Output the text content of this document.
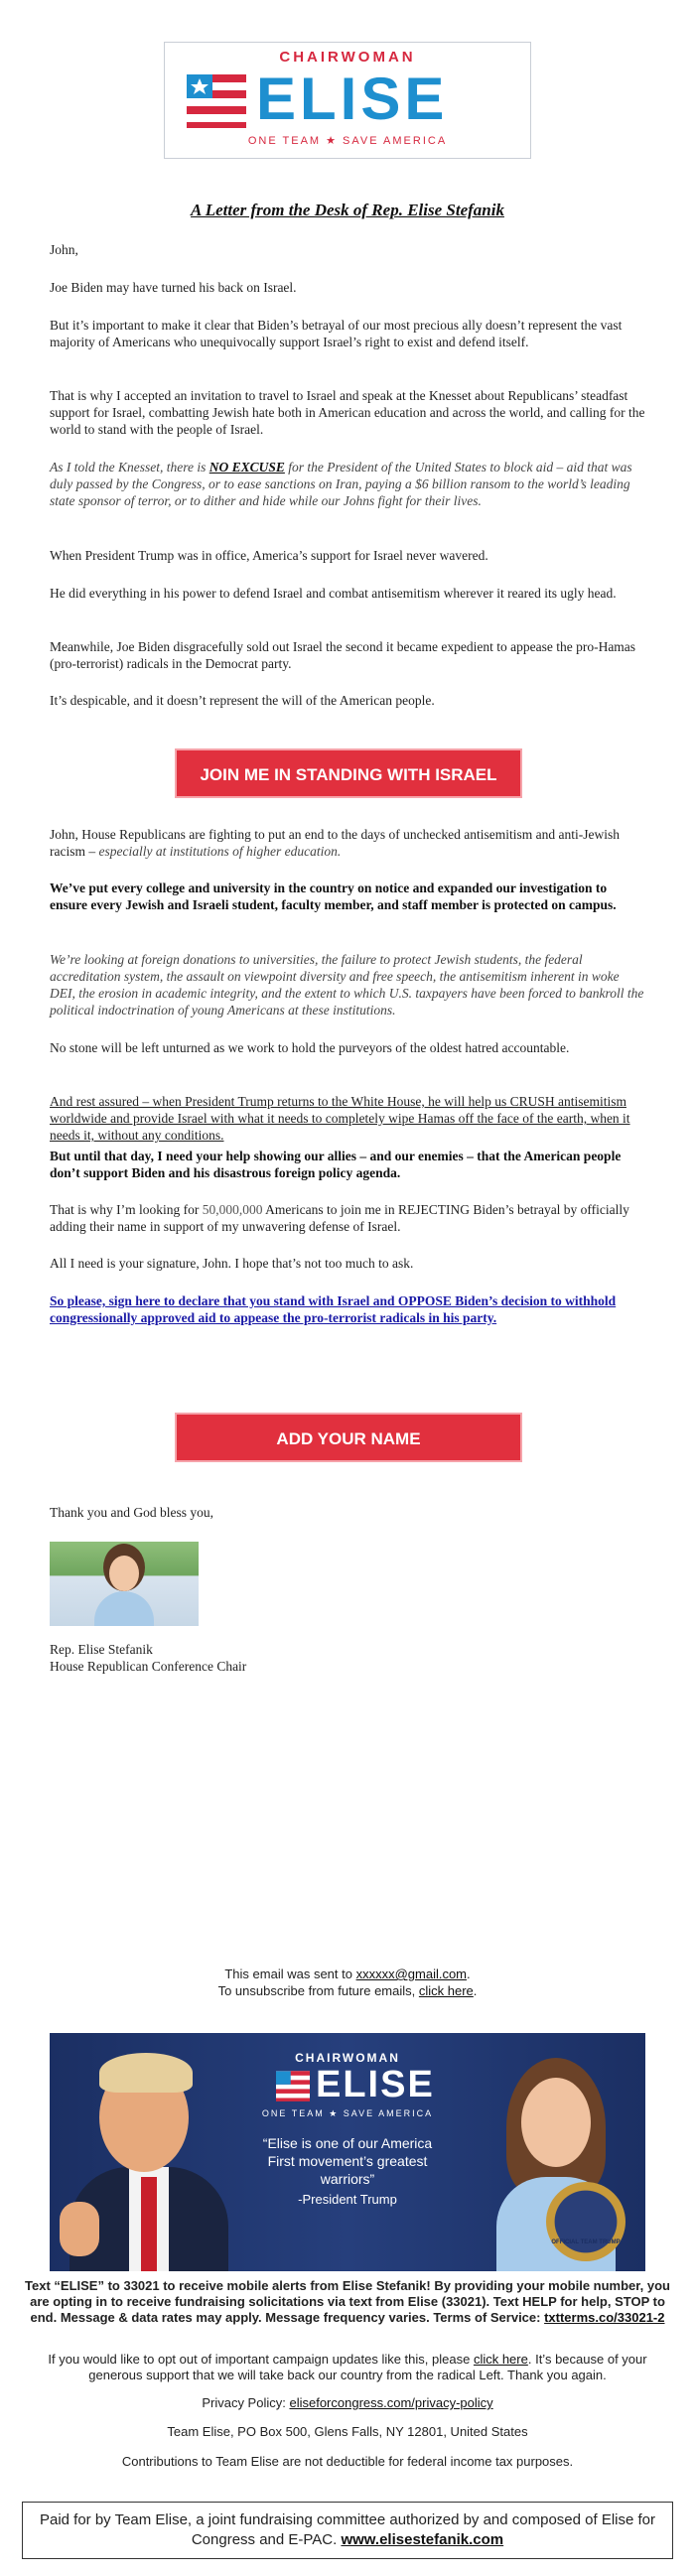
CHAIRWOMAN
ELISE
ONE TEAM ★ SAVE AMERICA
A Letter from the Desk of Rep. Elise Stefanik

John,

Joe Biden may have turned his back on Israel.

But it’s important to make it clear that Biden’s betrayal of our most precious ally doesn’t represent the vast majority of Americans who unequivocally support Israel’s right to exist and defend itself.

That is why I accepted an invitation to travel to Israel and speak at the Knesset about Republicans’ steadfast support for Israel, combatting Jewish hate both in American education and across the world, and calling for the world to stand with the people of Israel.

As I told the Knesset, there is NO EXCUSE for the President of the United States to block aid – aid that was duly passed by the Congress, or to ease sanctions on Iran, paying a $6 billion ransom to the world’s leading state sponsor of terror, or to dither and hide while our Johns fight for their lives.

When President Trump was in office, America’s support for Israel never wavered.

He did everything in his power to defend Israel and combat antisemitism wherever it reared its ugly head.

Meanwhile, Joe Biden disgracefully sold out Israel the second it became expedient to appease the pro-Hamas (pro-terrorist) radicals in the Democrat party.

It’s despicable, and it doesn’t represent the will of the American people.

JOIN ME IN STANDING WITH ISRAEL

John, House Republicans are fighting to put an end to the days of unchecked antisemitism and anti-Jewish racism – especially at institutions of higher education.

We’ve put every college and university in the country on notice and expanded our investigation to ensure every Jewish and Israeli student, faculty member, and staff member is protected on campus.

We’re looking at foreign donations to universities, the failure to protect Jewish students, the federal accreditation system, the assault on viewpoint diversity and free speech, the antisemitism inherent in woke DEI, the erosion in academic integrity, and the extent to which U.S. taxpayers have been forced to bankroll the political indoctrination of young Americans at these institutions.

No stone will be left unturned as we work to hold the purveyors of the oldest hatred accountable.

And rest assured – when President Trump returns to the White House, he will help us CRUSH antisemitism worldwide and provide Israel with what it needs to completely wipe Hamas off the face of the earth, when it needs it, without any conditions.

But until that day, I need your help showing our allies – and our enemies – that the American people don’t support Biden and his disastrous foreign policy agenda.

That is why I’m looking for 50,000,000 Americans to join me in REJECTING Biden’s betrayal by officially adding their name in support of my unwavering defense of Israel.

All I need is your signature, John. I hope that’s not too much to ask.

So please, sign here to declare that you stand with Israel and OPPOSE Biden’s decision to withhold congressionally approved aid to appease the pro-terrorist radicals in his party.

ADD YOUR NAME

Thank you and God bless you,

Rep. Elise Stefanik

House Republican Conference Chair

This email was sent to xxxxxx@gmail.com.
To unsubscribe from future emails, click here.
CHAIRWOMAN
ELISE
ONE TEAM ★ SAVE AMERICA
“Elise is one of our America First movement’s greatest warriors”
-President Trump
OFFICIAL TEAM TRUMP
Text “ELISE” to 33021 to receive mobile alerts from Elise Stefanik! By providing your mobile number, you are opting in to receive fundraising solicitations via text from Elise (33021). Text HELP for help, STOP to end. Message & data rates may apply. Message frequency varies. Terms of Service: txtterms.co/33021-2
If you would like to opt out of important campaign updates like this, please click here. It’s because of your generous support that we will take back our country from the radical Left. Thank you again.
Privacy Policy: eliseforcongress.com/privacy-policy
Team Elise, PO Box 500, Glens Falls, NY 12801, United States
Contributions to Team Elise are not deductible for federal income tax purposes.
Paid for by Team Elise, a joint fundraising committee authorized by and composed of Elise for Congress and E-PAC. www.elisestefanik.com
